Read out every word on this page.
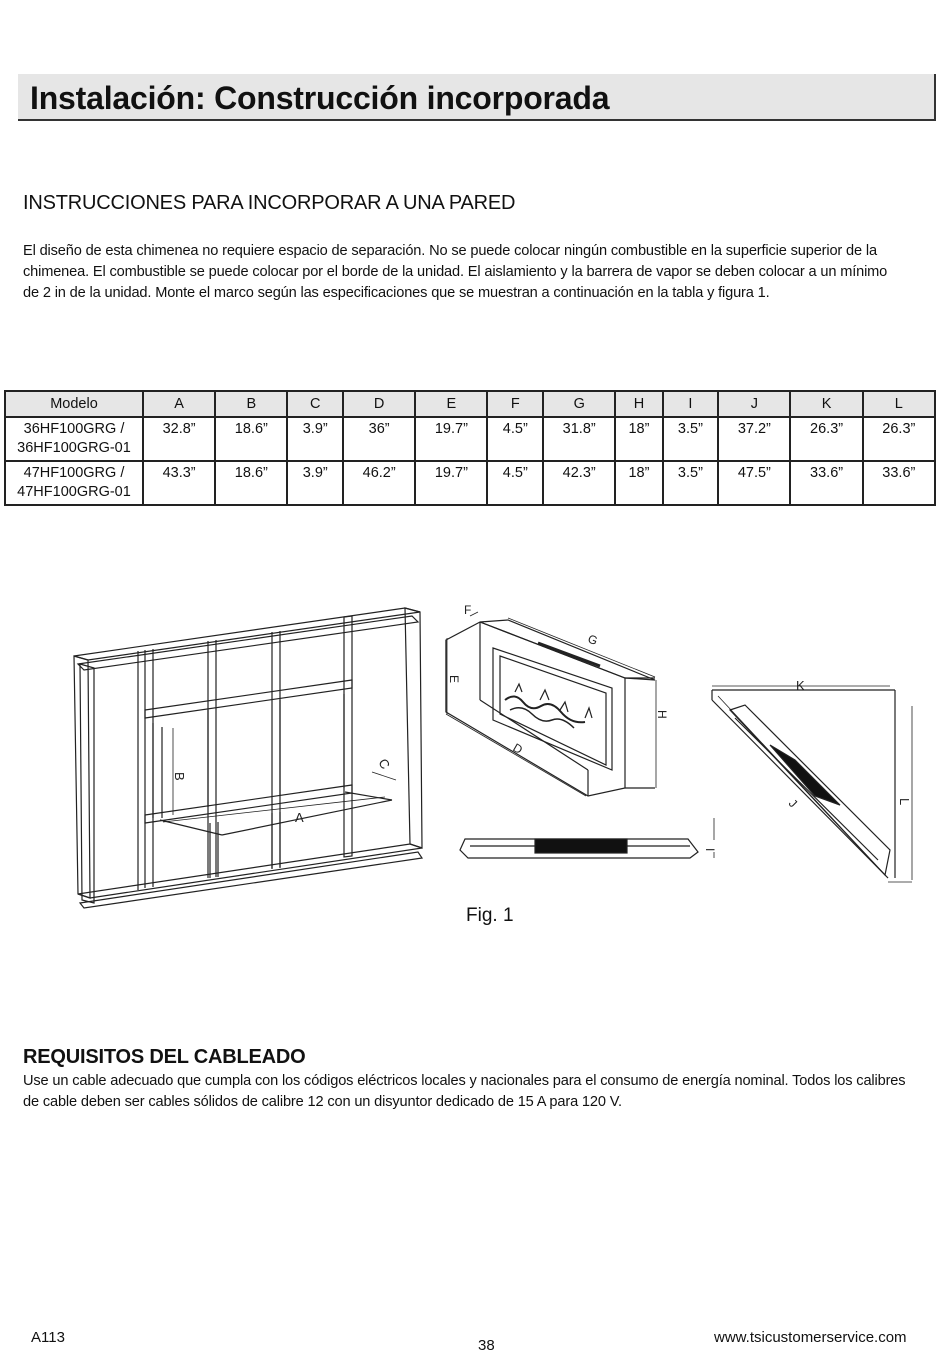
Instalación: Construcción incorporada
INSTRUCCIONES PARA INCORPORAR A UNA PARED
El diseño de esta chimenea no requiere espacio de separación. No se puede colocar ningún combustible en la superficie superior de la
chimenea. El combustible se puede colocar por el borde de la unidad. El aislamiento y la barrera de vapor se deben colocar a un mínimo
de 2 in de la unidad. Monte el marco según las especificaciones que se muestran a continuación en la tabla y figura 1.
Modelo	A	B	C	D	E	F	G	H	I	J	K	L

36HF100GRG /
36HF100GRG-01	32.8”	18.6”	3.9”	36”	19.7”	4.5”	31.8”	18”	3.5”	37.2”	26.3”	26.3”

47HF100GRG /
47HF100GRG-01	43.3”	18.6”	3.9”	46.2”	19.7”	4.5”	42.3”	18”	3.5”	47.5”	33.6”	33.6”
A
B
C
F
G
E
H
D
I
K
L
J
Fig. 1
REQUISITOS DEL CABLEADO
Use un cable adecuado que cumpla con los códigos eléctricos locales y nacionales para el consumo de energía nominal. Todos los calibres
de cable deben ser cables sólidos de calibre 12 con un disyuntor dedicado de 15 A para 120 V.
A113	38	www.tsicustomerservice.com
